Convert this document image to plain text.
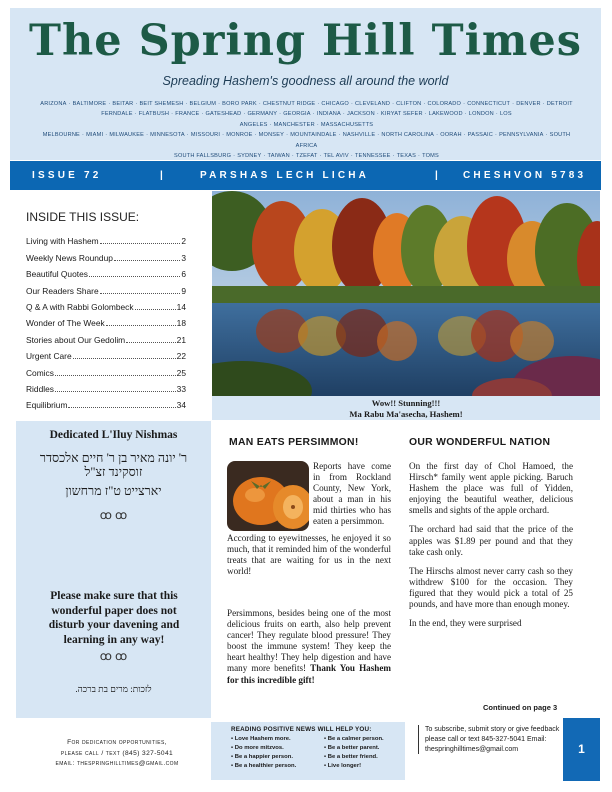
The Spring Hill Times
Spreading Hashem's goodness all around the world
ARIZONA · BALTIMORE · BEITAR · BEIT SHEMESH · BELGIUM · BORO PARK · CHESTNUT RIDGE · CHICAGO · CLEVELAND · CLIFTON · COLORADO · CONNECTICUT · DENVER · DETROIT
FERNDALE · FLATBUSH · FRANCE · GATESHEAD · GERMANY · GEORGIA · INDIANA · JACKSON · KIRYAT SEFER · LAKEWOOD · LONDON · LOS ANGELES · MANCHESTER · MASSACHUSETTS
MELBOURNE · MIAMI · MILWAUKEE · MINNESOTA · MISSOURI · MONROE · MONSEY · MOUNTAINDALE · NASHVILLE · NORTH CAROLINA · OORAH · PASSAIC · PENNSYLVANIA · SOUTH AFRICA
SOUTH FALLSBURG · SYDNEY · TAIWAN · TZEFAT · TEL AVIV · TENNESSEE · TEXAS · TOMS
ISSUE 72	|	PARSHAS LECH LICHA	| CHESHVON 5783
INSIDE THIS ISSUE:
Living with Hashem	2
Weekly News Roundup	3
Beautiful Quotes	6
Our Readers Share	9
Q & A with Rabbi Golombeck	14
Wonder of The Week	18
Stories about Our Gedolim	21
Urgent Care	22
Comics	25
Riddles	33
Equilibrium	34	Wow!! Stunning!!!
Ma Rabu Ma'asecha, Hashem!
Dedicated L'Iluy Nishmas
ר' יונה מאיר בן ר' חיים אלכסדר זוסקינד זצ"ל
יארצייט ט"ז מרחשון
ꝏ ꝏ
Please make sure that this wonderful paper does not disturb your davening and learning in any way!
ꝏ ꝏ
לזכות: מרים בת ברכה.
MAN EATS PERSIMMON!
Reports have come in from Rockland County, New York, about a man in his mid thirties who has eaten a persimmon.

According to eyewitnesses, he enjoyed it so much, that it reminded him of the wonderful treats that are waiting for us in the next world!

Persimmons, besides being one of the most delicious fruits on earth, also help prevent cancer! They regulate blood pressure! They boost the immune system! They keep the heart healthy! They help digestion and have many more benefits! Thank You Hashem for this incredible gift!
OUR WONDERFUL NATION

On the first day of Chol Hamoed, the Hirsch* family went apple picking. Baruch Hashem the place was full of Yidden, enjoying the beautiful weather, delicious smells and sights of the apple orchard.

The orchard had said that the price of the apples was $1.89 per pound and that they take cash only.

The Hirschs almost never carry cash so they withdrew $100 for the occasion. They figured that they would pick a total of 25 pounds, and have more than enough money.

In the end, they were surprised

Continued on page 3
For dedication opportunities,
please call / text (845) 327-5041
email: thespringhilltimes@gmail.com
READING POSITIVE NEWS WILL HELP YOU:
• Love Hashem more.
• Do more mitzvos.
• Be a happier person.
• Be a healthier person.
• Be a calmer person.
• Be a better parent.
• Be a better friend.
• Live longer!
To subscribe, submit story or give feedback please call or text 845-327-5041 Email: thespringhilltimes@gmail.com	1
